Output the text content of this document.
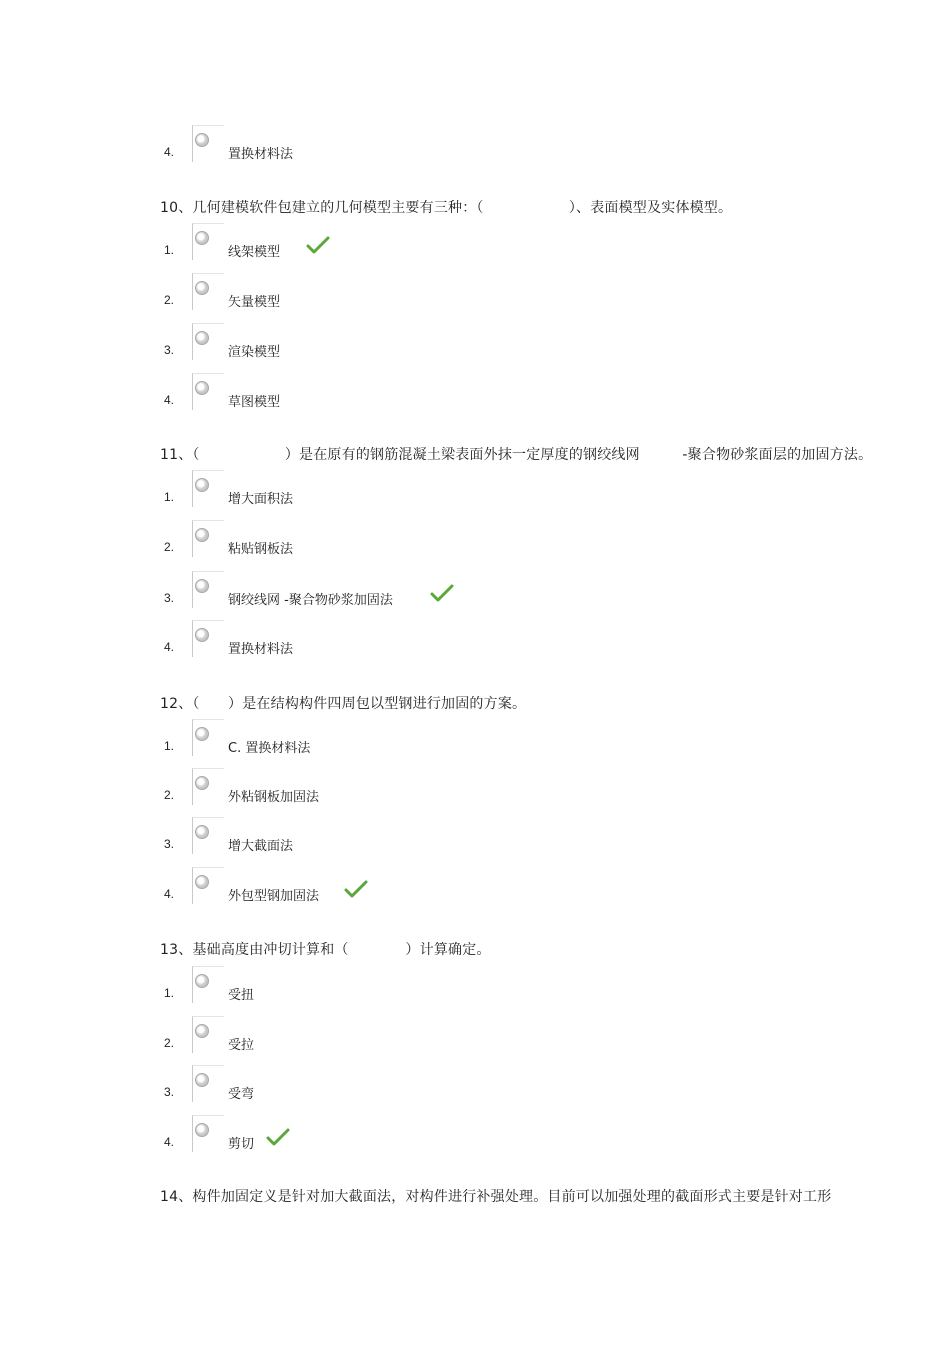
4.	置换材料法
10、几何建模软件包建立的几何模型主要有三种：（　　　　　　）、表面模型及实体模型。
1.	线架模型
2.	矢量模型
3.	渲染模型
4.	草图模型
11、（　　　　　　）是在原有的钢筋混凝土梁表面外抹一定厚度的钢绞线网　　　-聚合物砂浆面层的加固方法。
1.	增大面积法
2.	粘贴钢板法
3.	钢绞线网 -聚合物砂浆加固法
4.	置换材料法
12、（　　）是在结构构件四周包以型钢进行加固的方案。
1.	C. 置换材料法
2.	外粘钢板加固法
3.	增大截面法
4.	外包型钢加固法
13、基础高度由冲切计算和（　　　　）计算确定。
1.	受扭
2.	受拉
3.	受弯
4.	剪切
14、构件加固定义是针对加大截面法，对构件进行补强处理。目前可以加强处理的截面形式主要是针对工形
